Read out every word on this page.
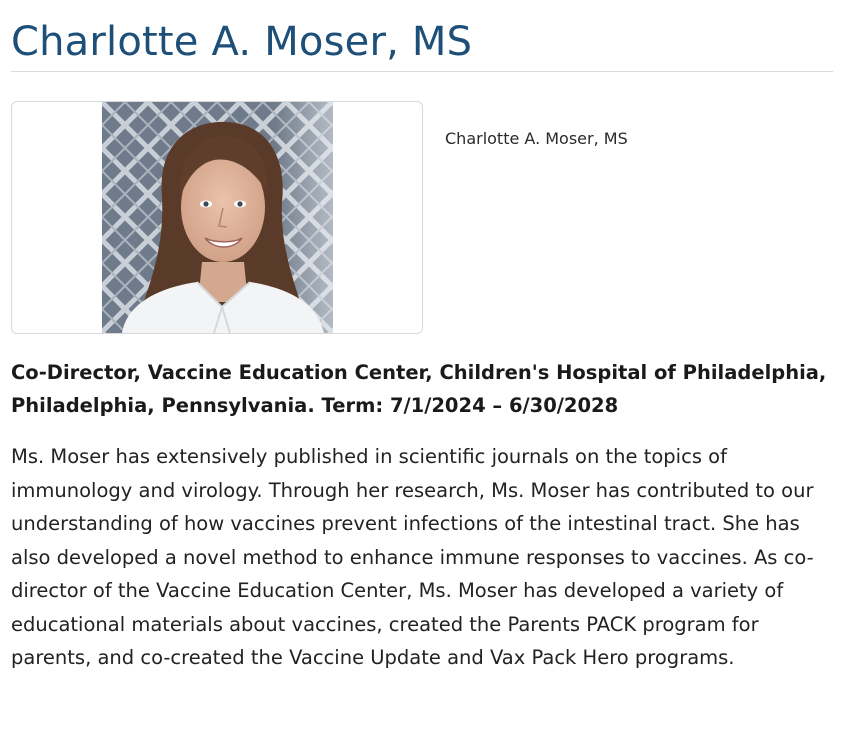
Charlotte A. Moser, MS
Charlotte A. Moser, MS

Co-Director, Vaccine Education Center, Children's Hospital of Philadelphia, Philadelphia, Pennsylvania. Term: 7/1/2024 – 6/30/2028

Ms. Moser has extensively published in scientific journals on the topics of immunology and virology. Through her research, Ms. Moser has contributed to our understanding of how vaccines prevent infections of the intestinal tract. She has also developed a novel method to enhance immune responses to vaccines. As co-director of the Vaccine Education Center, Ms. Moser has developed a variety of educational materials about vaccines, created the Parents PACK program for parents, and co-created the Vaccine Update and Vax Pack Hero programs.
